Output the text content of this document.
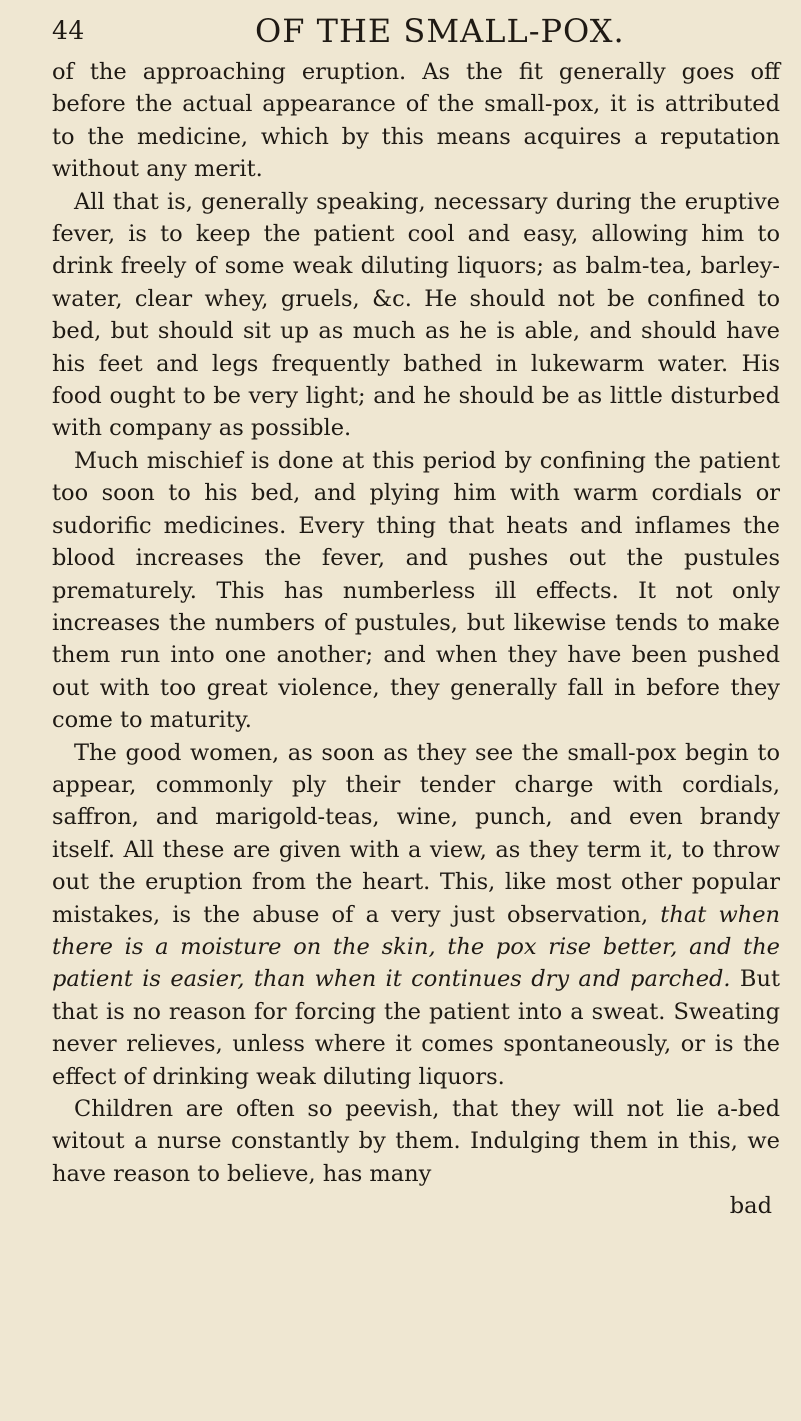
44	OF THE SMALL-POX.

of the approaching eruption. As the fit generally goes off before the actual appearance of the small-pox, it is attributed to the medicine, which by this means acquires a reputation without any merit.

All that is, generally speaking, necessary during the eruptive fever, is to keep the patient cool and easy, allowing him to drink freely of some weak diluting liquors; as balm-tea, barley-water, clear whey, gruels, &c. He should not be confined to bed, but should sit up as much as he is able, and should have his feet and legs frequently bathed in lukewarm water. His food ought to be very light; and he should be as little disturbed with company as possible.

Much mischief is done at this period by confining the patient too soon to his bed, and plying him with warm cordials or sudorific medicines. Every thing that heats and inflames the blood increases the fever, and pushes out the pustules prematurely. This has numberless ill effects. It not only increases the numbers of pustules, but likewise tends to make them run into one another; and when they have been pushed out with too great violence, they generally fall in before they come to maturity.

The good women, as soon as they see the small-pox begin to appear, commonly ply their tender charge with cordials, saffron, and marigold-teas, wine, punch, and even brandy itself. All these are given with a view, as they term it, to throw out the eruption from the heart. This, like most other popular mistakes, is the abuse of a very just observation, that when there is a moisture on the skin, the pox rise better, and the patient is easier, than when it continues dry and parched. But that is no reason for forcing the patient into a sweat. Sweating never relieves, unless where it comes spontaneously, or is the effect of drinking weak diluting liquors.

Children are often so peevish, that they will not lie a-bed witout a nurse constantly by them. Indulging them in this, we have reason to believe, has many

bad
